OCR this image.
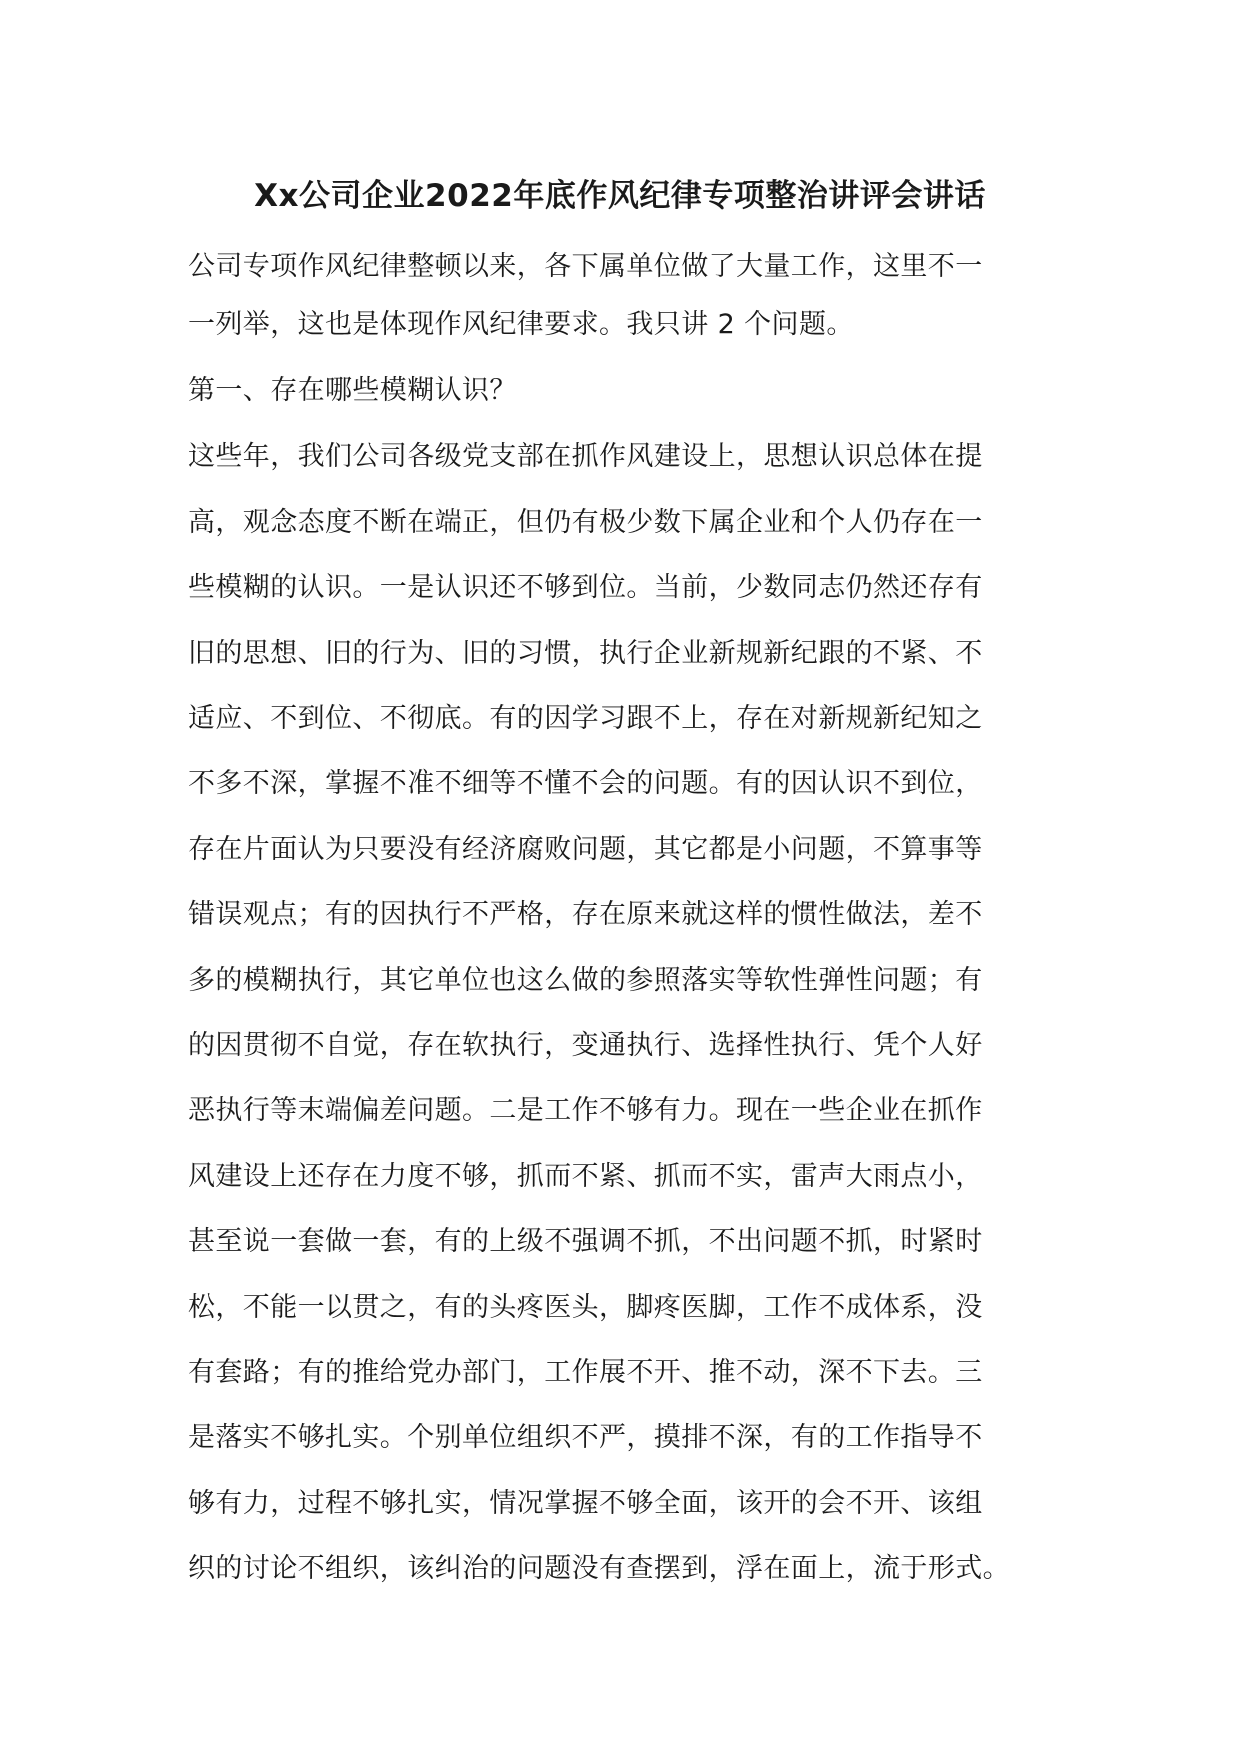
Xx公司企业2022年底作风纪律专项整治讲评会讲话
公司专项作风纪律整顿以来，各下属单位做了大量工作，这里不一
一列举，这也是体现作风纪律要求。我只讲 2 个问题。
第一、存在哪些模糊认识？
这些年，我们公司各级党支部在抓作风建设上，思想认识总体在提
高，观念态度不断在端正，但仍有极少数下属企业和个人仍存在一
些模糊的认识。一是认识还不够到位。当前，少数同志仍然还存有
旧的思想、旧的行为、旧的习惯，执行企业新规新纪跟的不紧、不
适应、不到位、不彻底。有的因学习跟不上，存在对新规新纪知之
不多不深，掌握不准不细等不懂不会的问题。有的因认识不到位，
存在片面认为只要没有经济腐败问题，其它都是小问题，不算事等
错误观点；有的因执行不严格，存在原来就这样的惯性做法，差不
多的模糊执行，其它单位也这么做的参照落实等软性弹性问题；有
的因贯彻不自觉，存在软执行，变通执行、选择性执行、凭个人好
恶执行等末端偏差问题。二是工作不够有力。现在一些企业在抓作
风建设上还存在力度不够，抓而不紧、抓而不实，雷声大雨点小，
甚至说一套做一套，有的上级不强调不抓，不出问题不抓，时紧时
松，不能一以贯之，有的头疼医头，脚疼医脚，工作不成体系，没
有套路；有的推给党办部门，工作展不开、推不动，深不下去。三
是落实不够扎实。个别单位组织不严，摸排不深，有的工作指导不
够有力，过程不够扎实，情况掌握不够全面，该开的会不开、该组
织的讨论不组织，该纠治的问题没有查摆到，浮在面上，流于形式。
